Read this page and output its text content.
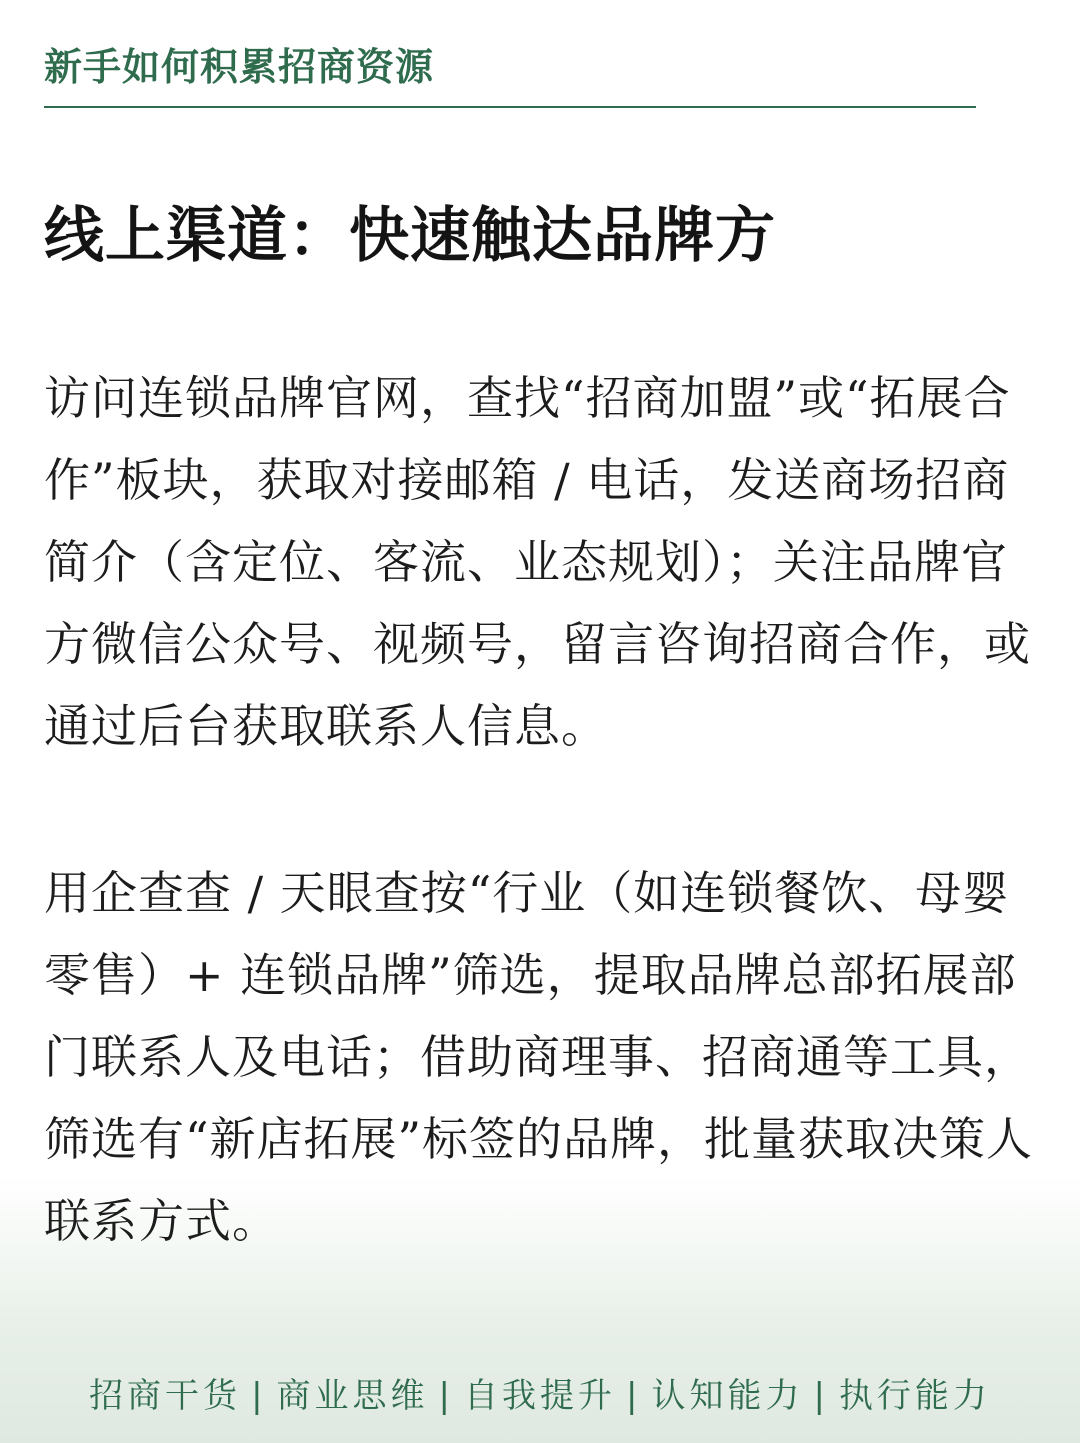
新手如何积累招商资源
线上渠道：快速触达品牌方

访问连锁品牌官网，查找“招商加盟”或“拓展合作”板块，获取对接邮箱 / 电话，发送商场招商简介（含定位、客流、业态规划）；关注品牌官方微信公众号、视频号，留言咨询招商合作，或通过后台获取联系人信息。

用企查查 / 天眼查按“行业（如连锁餐饮、母婴零售）+ 连锁品牌”筛选，提取品牌总部拓展部门联系人及电话；借助商理事、招商通等工具，筛选有“新店拓展”标签的品牌，批量获取决策人联系方式。

招商干货 | 商业思维 | 自我提升 | 认知能力 | 执行能力
